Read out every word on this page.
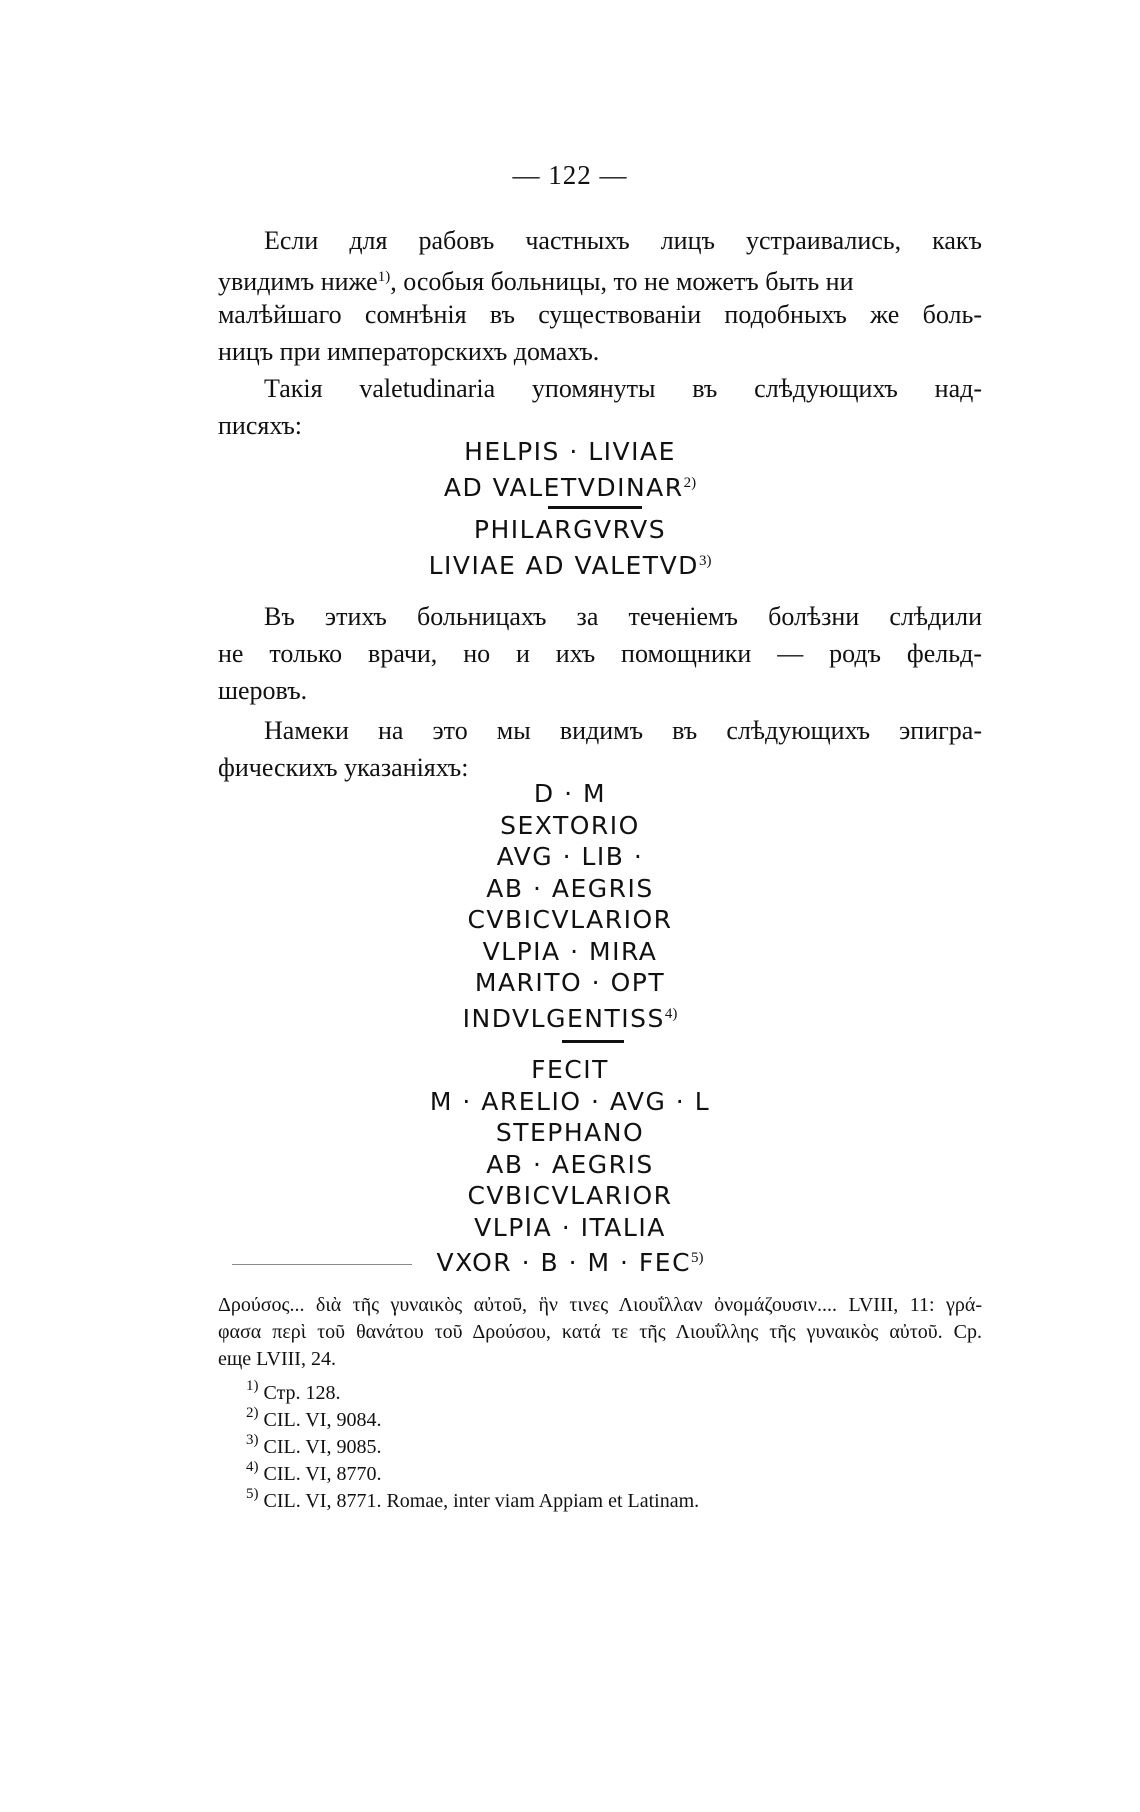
— 122 —
Если для рабовъ частныхъ лицъ устраивались, какъ
увидимъ ниже$^{1)}$, особыя больницы, то не можетъ быть ни
малѣйшаго сомнѣнія въ существованіи подобныхъ же боль-
ницъ при императорскихъ домахъ.
Такія valetudinaria упомянуты въ слѣдующихъ над-
писяхъ:
HELPIS · LIVIAE
AD VALETVDINAR$^{2)}$
PHILARGVRVS
LIVIAE AD VALETVD$^{3)}$
Въ этихъ больницахъ за теченіемъ болѣзни слѣдили
не только врачи, но и ихъ помощники — родъ фельд-
шеровъ.
Намеки на это мы видимъ въ слѣдующихъ эпигра-
фическихъ указаніяхъ:
D · M
SEXTORIO
AVG · LIB ·
AB · AEGRIS
CVBICVLARIOR
VLPIA · MIRA
MARITO · OPT
INDVLGENTISS$^{4)}$
FECIT
M · ARELIO · AVG · L
STEPHANO
AB · AEGRIS
CVBICVLARIOR
VLPIA · ITALIA
VXOR · $B \cdot M \cdot FEC^{5)}$
Δρούσος... διὰ τῆς γυναικὸς αὐτοῦ, ἣν τινες Λιουΐλλαν ὀνομάζουσιν.... LVIII, 11: γρά-
φασα περὶ τοῦ θανάτου τοῦ Δρούσου, κατά τε τῆς Λιουΐλλης τῆς γυναικὸς αὐτοῦ. Ср.
еще LVIII, 24.
$^{1)}$ Стр. 128.
$^{2)}$ CIL. VI, 9084.
$^{3)}$ CIL. VI, 9085.
$^{4)}$ CIL. VI, 8770.
$^{5)}$ CIL. VI, 8771. Romae, inter viam Appiam et Latinam.
